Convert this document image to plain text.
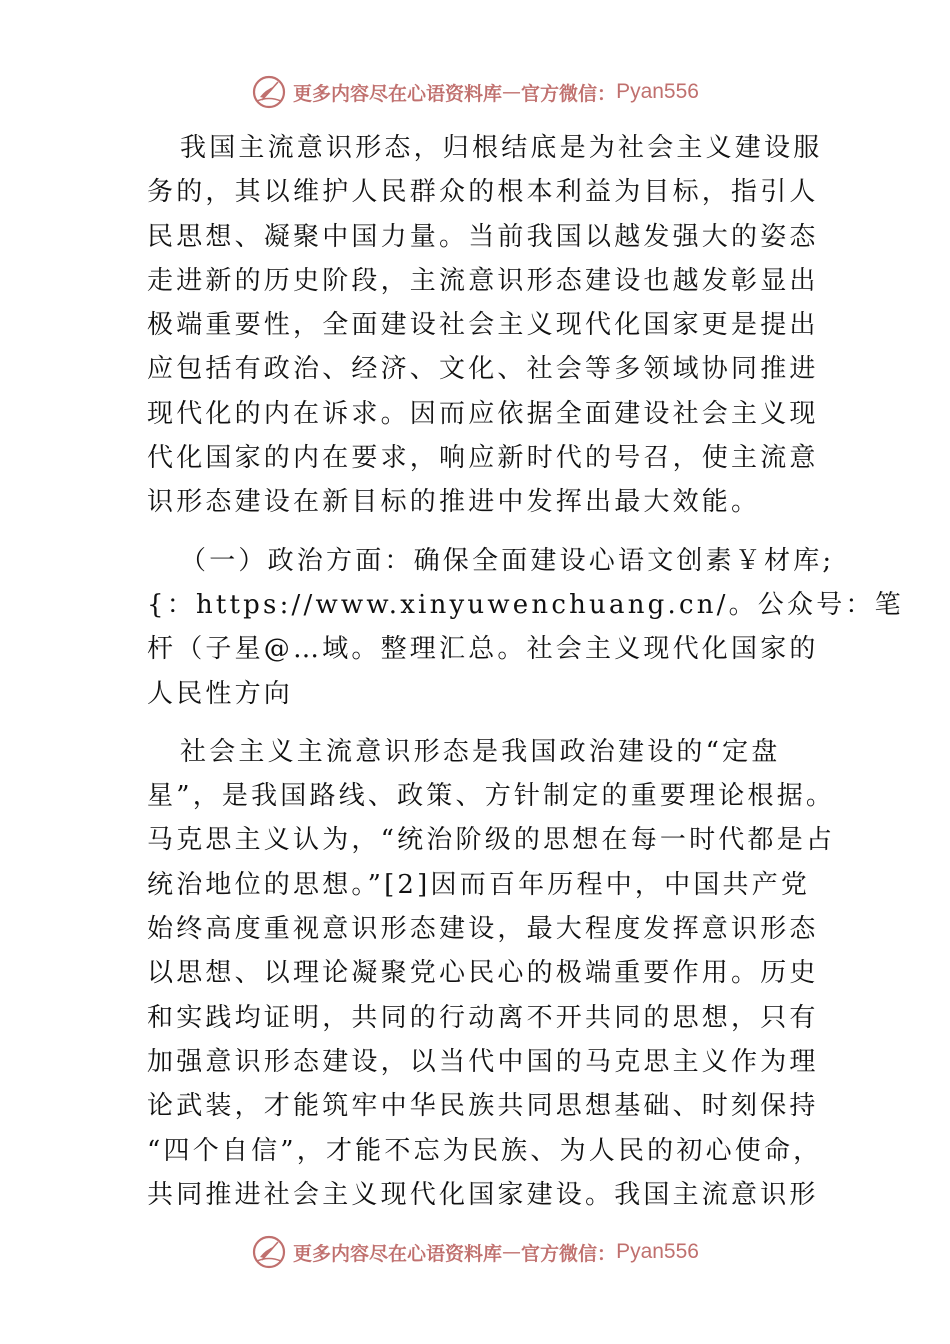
更多内容尽在心语资料库 — 官方微信： Pyan556
我国主流意识形态，归根结底是为社会主义建设服
务的，其以维护人民群众的根本利益为目标，指引人
民思想、凝聚中国力量。当前我国以越发强大的姿态
走进新的历史阶段，主流意识形态建设也越发彰显出
极端重要性，全面建设社会主义现代化国家更是提出
应包括有政治、经济、文化、社会等多领域协同推进
现代化的内在诉求。因而应依据全面建设社会主义现
代化国家的内在要求，响应新时代的号召，使主流意
识形态建设在新目标的推进中发挥出最大效能。
（一）政治方面：确保全面建设心语文创素￥材库;
{：https://www.xinyuwenchuang.cn/。公众号：笔
杆（子星@…域。整理汇总。社会主义现代化国家的
人民性方向
社会主义主流意识形态是我国政治建设的“定盘
星”，是我国路线、政策、方针制定的重要理论根据。
马克思主义认为，“统治阶级的思想在每一时代都是占
统治地位的思想。”[2]因而百年历程中，中国共产党
始终高度重视意识形态建设，最大程度发挥意识形态
以思想、以理论凝聚党心民心的极端重要作用。历史
和实践均证明，共同的行动离不开共同的思想，只有
加强意识形态建设，以当代中国的马克思主义作为理
论武装，才能筑牢中华民族共同思想基础、时刻保持
“四个自信”，才能不忘为民族、为人民的初心使命，
共同推进社会主义现代化国家建设。我国主流意识形
更多内容尽在心语资料库 — 官方微信： Pyan556
